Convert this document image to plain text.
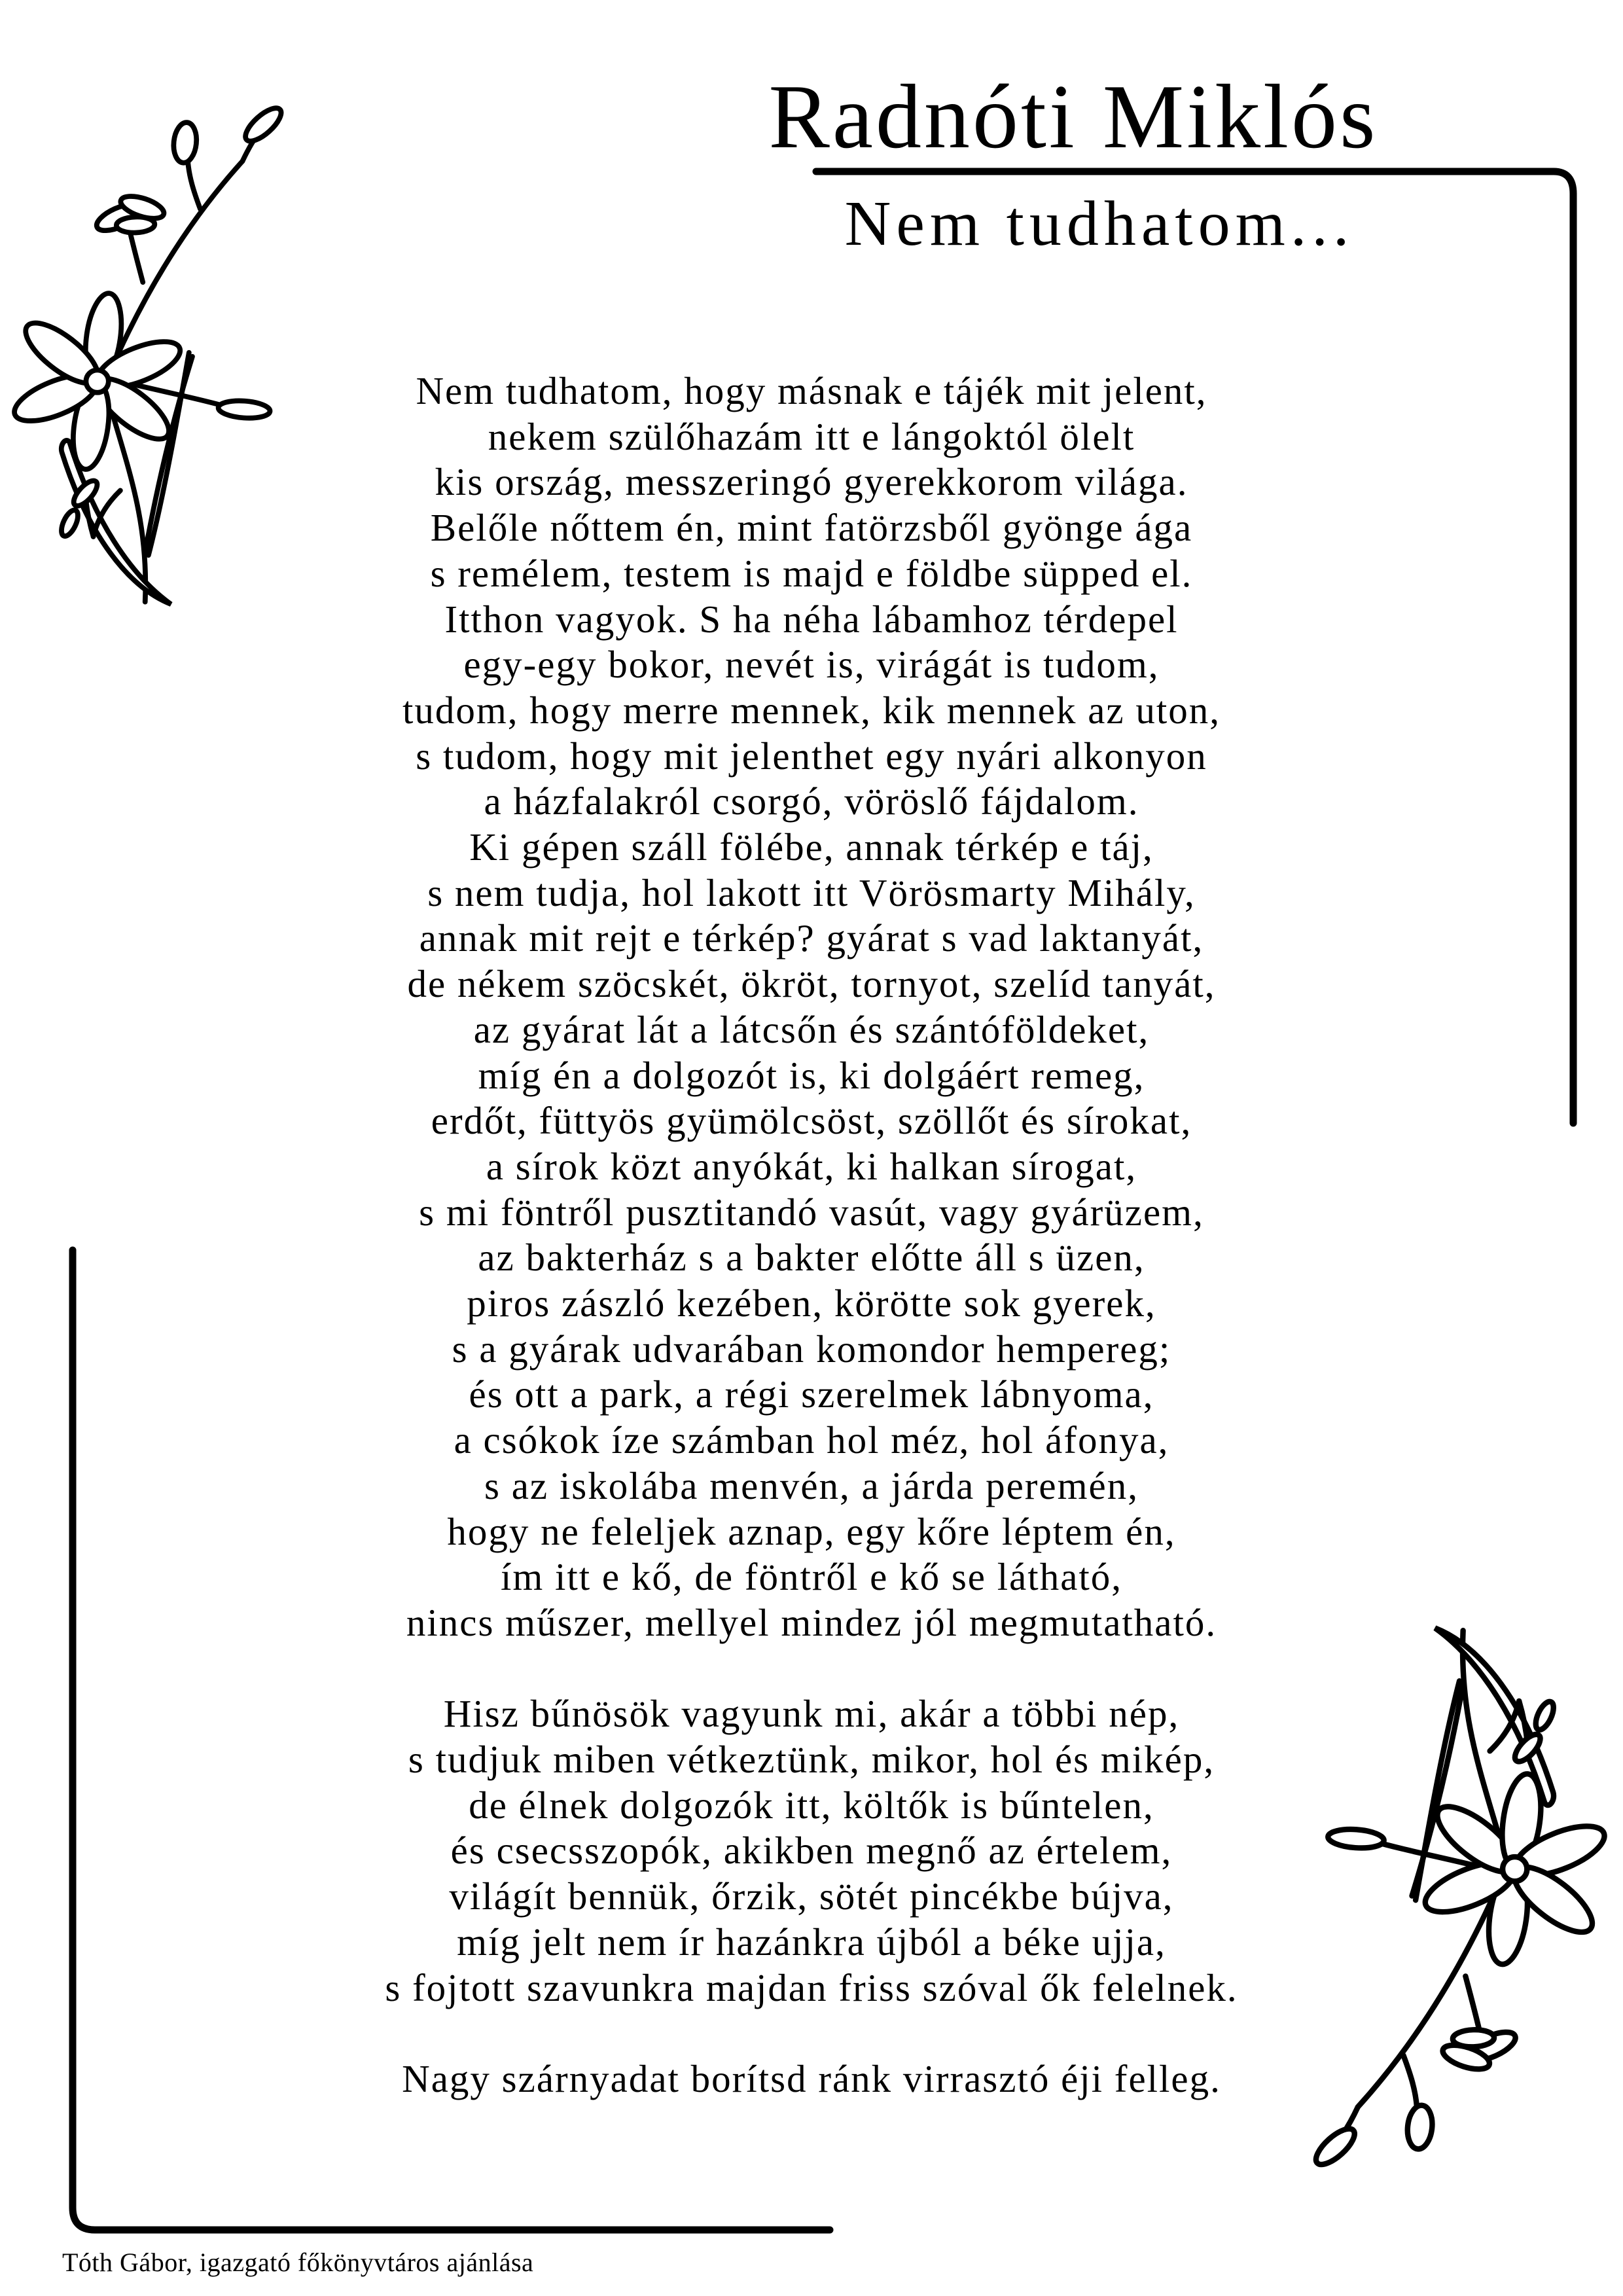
Radnóti Miklós
Nem tudhatom...
Nem tudhatom, hogy másnak e tájék mit jelent,
nekem szülőhazám itt e lángoktól ölelt
kis ország, messzeringó gyerekkorom világa.
Belőle nőttem én, mint fatörzsből gyönge ága
s remélem, testem is majd e földbe süpped el.
Itthon vagyok. S ha néha lábamhoz térdepel
egy-egy bokor, nevét is, virágát is tudom,
tudom, hogy merre mennek, kik mennek az uton,
s tudom, hogy mit jelenthet egy nyári alkonyon
a házfalakról csorgó, vöröslő fájdalom.
Ki gépen száll fölébe, annak térkép e táj,
s nem tudja, hol lakott itt Vörösmarty Mihály,
annak mit rejt e térkép? gyárat s vad laktanyát,
de nékem szöcskét, ökröt, tornyot, szelíd tanyát,
az gyárat lát a látcsőn és szántóföldeket,
míg én a dolgozót is, ki dolgáért remeg,
erdőt, füttyös gyümölcsöst, szöllőt és sírokat,
a sírok közt anyókát, ki halkan sírogat,
s mi föntről pusztitandó vasút, vagy gyárüzem,
az bakterház s a bakter előtte áll s üzen,
piros zászló kezében, körötte sok gyerek,
s a gyárak udvarában komondor hempereg;
és ott a park, a régi szerelmek lábnyoma,
a csókok íze számban hol méz, hol áfonya,
s az iskolába menvén, a járda peremén,
hogy ne feleljek aznap, egy kőre léptem én,
ím itt e kő, de föntről e kő se látható,
nincs műszer, mellyel mindez jól megmutatható.
Hisz bűnösök vagyunk mi, akár a többi nép,
s tudjuk miben vétkeztünk, mikor, hol és mikép,
de élnek dolgozók itt, költők is bűntelen,
és csecsszopók, akikben megnő az értelem,
világít bennük, őrzik, sötét pincékbe bújva,
míg jelt nem ír hazánkra újból a béke ujja,
s fojtott szavunkra majdan friss szóval ők felelnek.
Nagy szárnyadat borítsd ránk virrasztó éji felleg.
Tóth Gábor, igazgató főkönyvtáros ajánlása
